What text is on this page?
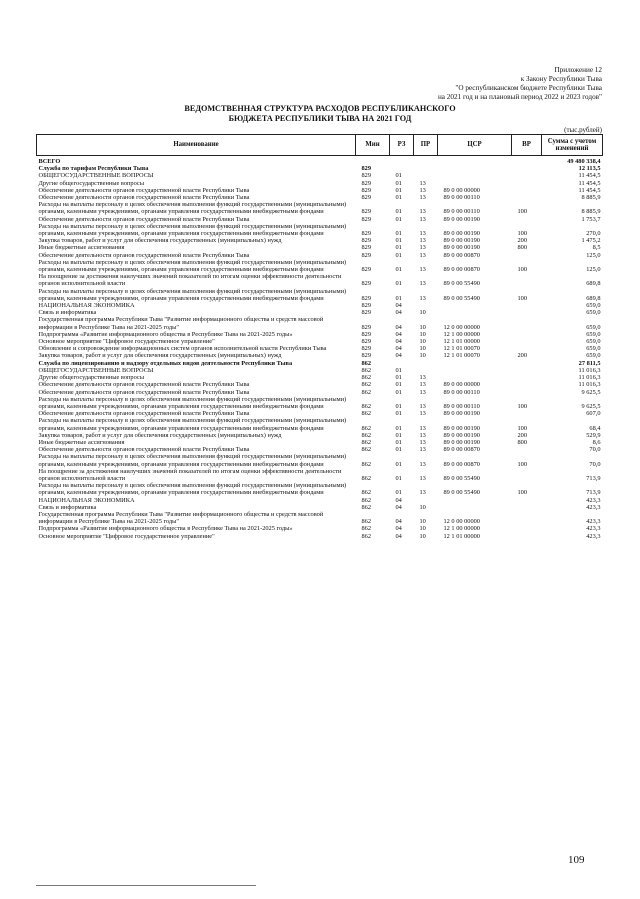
Приложение 12
к Закону Республики Тыва
"О республиканском бюджете Республики Тыва
на 2021 год и на плановый период 2022 и 2023 годов"
ВЕДОМСТВЕННАЯ СТРУКТУРА РАСХОДОВ РЕСПУБЛИКАНСКОГО
БЮДЖЕТА РЕСПУБЛИКИ ТЫВА НА 2021 ГОД
(тыс.рублей)
Наименование	Мин	РЗ	ПР	ЦСР	ВР	Сумма с учетом изменений
ВСЕГО						49 480 338,4
Служба по тарифам Республики Тыва	829					12 113,5
ОБЩЕГОСУДАРСТВЕННЫЕ ВОПРОСЫ	829	01				11 454,5
Другие общегосударственные вопросы	829	01	13			11 454,5
Обеспечение деятельности органов государственной власти Республики Тыва	829	01	13	89 0 00 00000		11 454,5
Обеспечение деятельности органов государственной власти Республики Тыва	829	01	13	89 0 00 00110		8 885,9
Расходы на выплаты персоналу в целях обеспечения выполнения функций государственными (муниципальными) органами, казенными учреждениями, органами управления государственными внебюджетными фондами	829	01	13	89 0 00 00110	100	8 885,9
Обеспечение деятельности органов государственной власти Республики Тыва	829	01	13	89 0 00 00190		1 753,7
Расходы на выплаты персоналу в целях обеспечения выполнения функций государственными (муниципальными) органами, казенными учреждениями, органами управления государственными внебюджетными фондами	829	01	13	89 0 00 00190	100	270,0
Закупка товаров, работ и услуг для обеспечения государственных (муниципальных) нужд	829	01	13	89 0 00 00190	200	1 475,2
Иные бюджетные ассигнования	829	01	13	89 0 00 00190	800	8,5
Обеспечение деятельности органов государственной власти Республики Тыва	829	01	13	89 0 00 00870		125,0
Расходы на выплаты персоналу в целях обеспечения выполнения функций государственными (муниципальными) органами, казенными учреждениями, органами управления государственными внебюджетными фондами	829	01	13	89 0 00 00870	100	125,0
На поощрение за достижения наилучших значений показателей по итогам оценки эффективности деятельности органов исполнительной власти	829	01	13	89 0 00 55490		689,8
Расходы на выплаты персоналу в целях обеспечения выполнения функций государственными (муниципальными) органами, казенными учреждениями, органами управления государственными внебюджетными фондами	829	01	13	89 0 00 55490	100	689,8
НАЦИОНАЛЬНАЯ ЭКОНОМИКА	829	04				659,0
Связь и информатика	829	04	10			659,0
Государственная программа Республики Тыва "Развитие информационного общества и средств массовой информации в Республике Тыва на 2021-2025 годы"	829	04	10	12 0 00 00000		659,0
Подпрограмма «Развитие информационного общества в Республике Тыва на 2021-2025 годы»	829	04	10	12 1 00 00000		659,0
Основное мероприятие "Цифровое государственное управление"	829	04	10	12 1 01 00000		659,0
Обновление и сопровождение информационных систем органов исполнительной власти Республики Тыва	829	04	10	12 1 01 00070		659,0
Закупка товаров, работ и услуг для обеспечения государственных (муниципальных) нужд	829	04	10	12 1 01 00070	200	659,0
Служба по лицензированию и надзору отдельных видов деятельности Республики Тыва	862					27 811,5
ОБЩЕГОСУДАРСТВЕННЫЕ ВОПРОСЫ	862	01				11 016,3
Другие общегосударственные вопросы	862	01	13			11 016,3
Обеспечение деятельности органов государственной власти Республики Тыва	862	01	13	89 0 00 00000		11 016,3
Обеспечение деятельности органов государственной власти Республики Тыва	862	01	13	89 0 00 00110		9 625,5
Расходы на выплаты персоналу в целях обеспечения выполнения функций государственными (муниципальными) органами, казенными учреждениями, органами управления государственными внебюджетными фондами	862	01	13	89 0 00 00110	100	9 625,5
Обеспечение деятельности органов государственной власти Республики Тыва	862	01	13	89 0 00 00190		607,0
Расходы на выплаты персоналу в целях обеспечения выполнения функций государственными (муниципальными) органами, казенными учреждениями, органами управления государственными внебюджетными фондами	862	01	13	89 0 00 00190	100	68,4
Закупка товаров, работ и услуг для обеспечения государственных (муниципальных) нужд	862	01	13	89 0 00 00190	200	529,9
Иные бюджетные ассигнования	862	01	13	89 0 00 00190	800	8,6
Обеспечение деятельности органов государственной власти Республики Тыва	862	01	13	89 0 00 00870		70,0
Расходы на выплаты персоналу в целях обеспечения выполнения функций государственными (муниципальными) органами, казенными учреждениями, органами управления государственными внебюджетными фондами	862	01	13	89 0 00 00870	100	70,0
На поощрение за достижения наилучших значений показателей по итогам оценки эффективности деятельности органов исполнительной власти	862	01	13	89 0 00 55490		713,9
Расходы на выплаты персоналу в целях обеспечения выполнения функций государственными (муниципальными) органами, казенными учреждениями, органами управления государственными внебюджетными фондами	862	01	13	89 0 00 55490	100	713,9
НАЦИОНАЛЬНАЯ ЭКОНОМИКА	862	04				423,3
Связь и информатика	862	04	10			423,3
Государственная программа Республики Тыва "Развитие информационного общества и средств массовой информации в Республике Тыва на 2021-2025 годы"	862	04	10	12 0 00 00000		423,3
Подпрограмма «Развитие информационного общества в Республике Тыва на 2021-2025 годы»	862	04	10	12 1 00 00000		423,3
Основное мероприятие "Цифровое государственное управление"	862	04	10	12 1 01 00000		423,3
109
